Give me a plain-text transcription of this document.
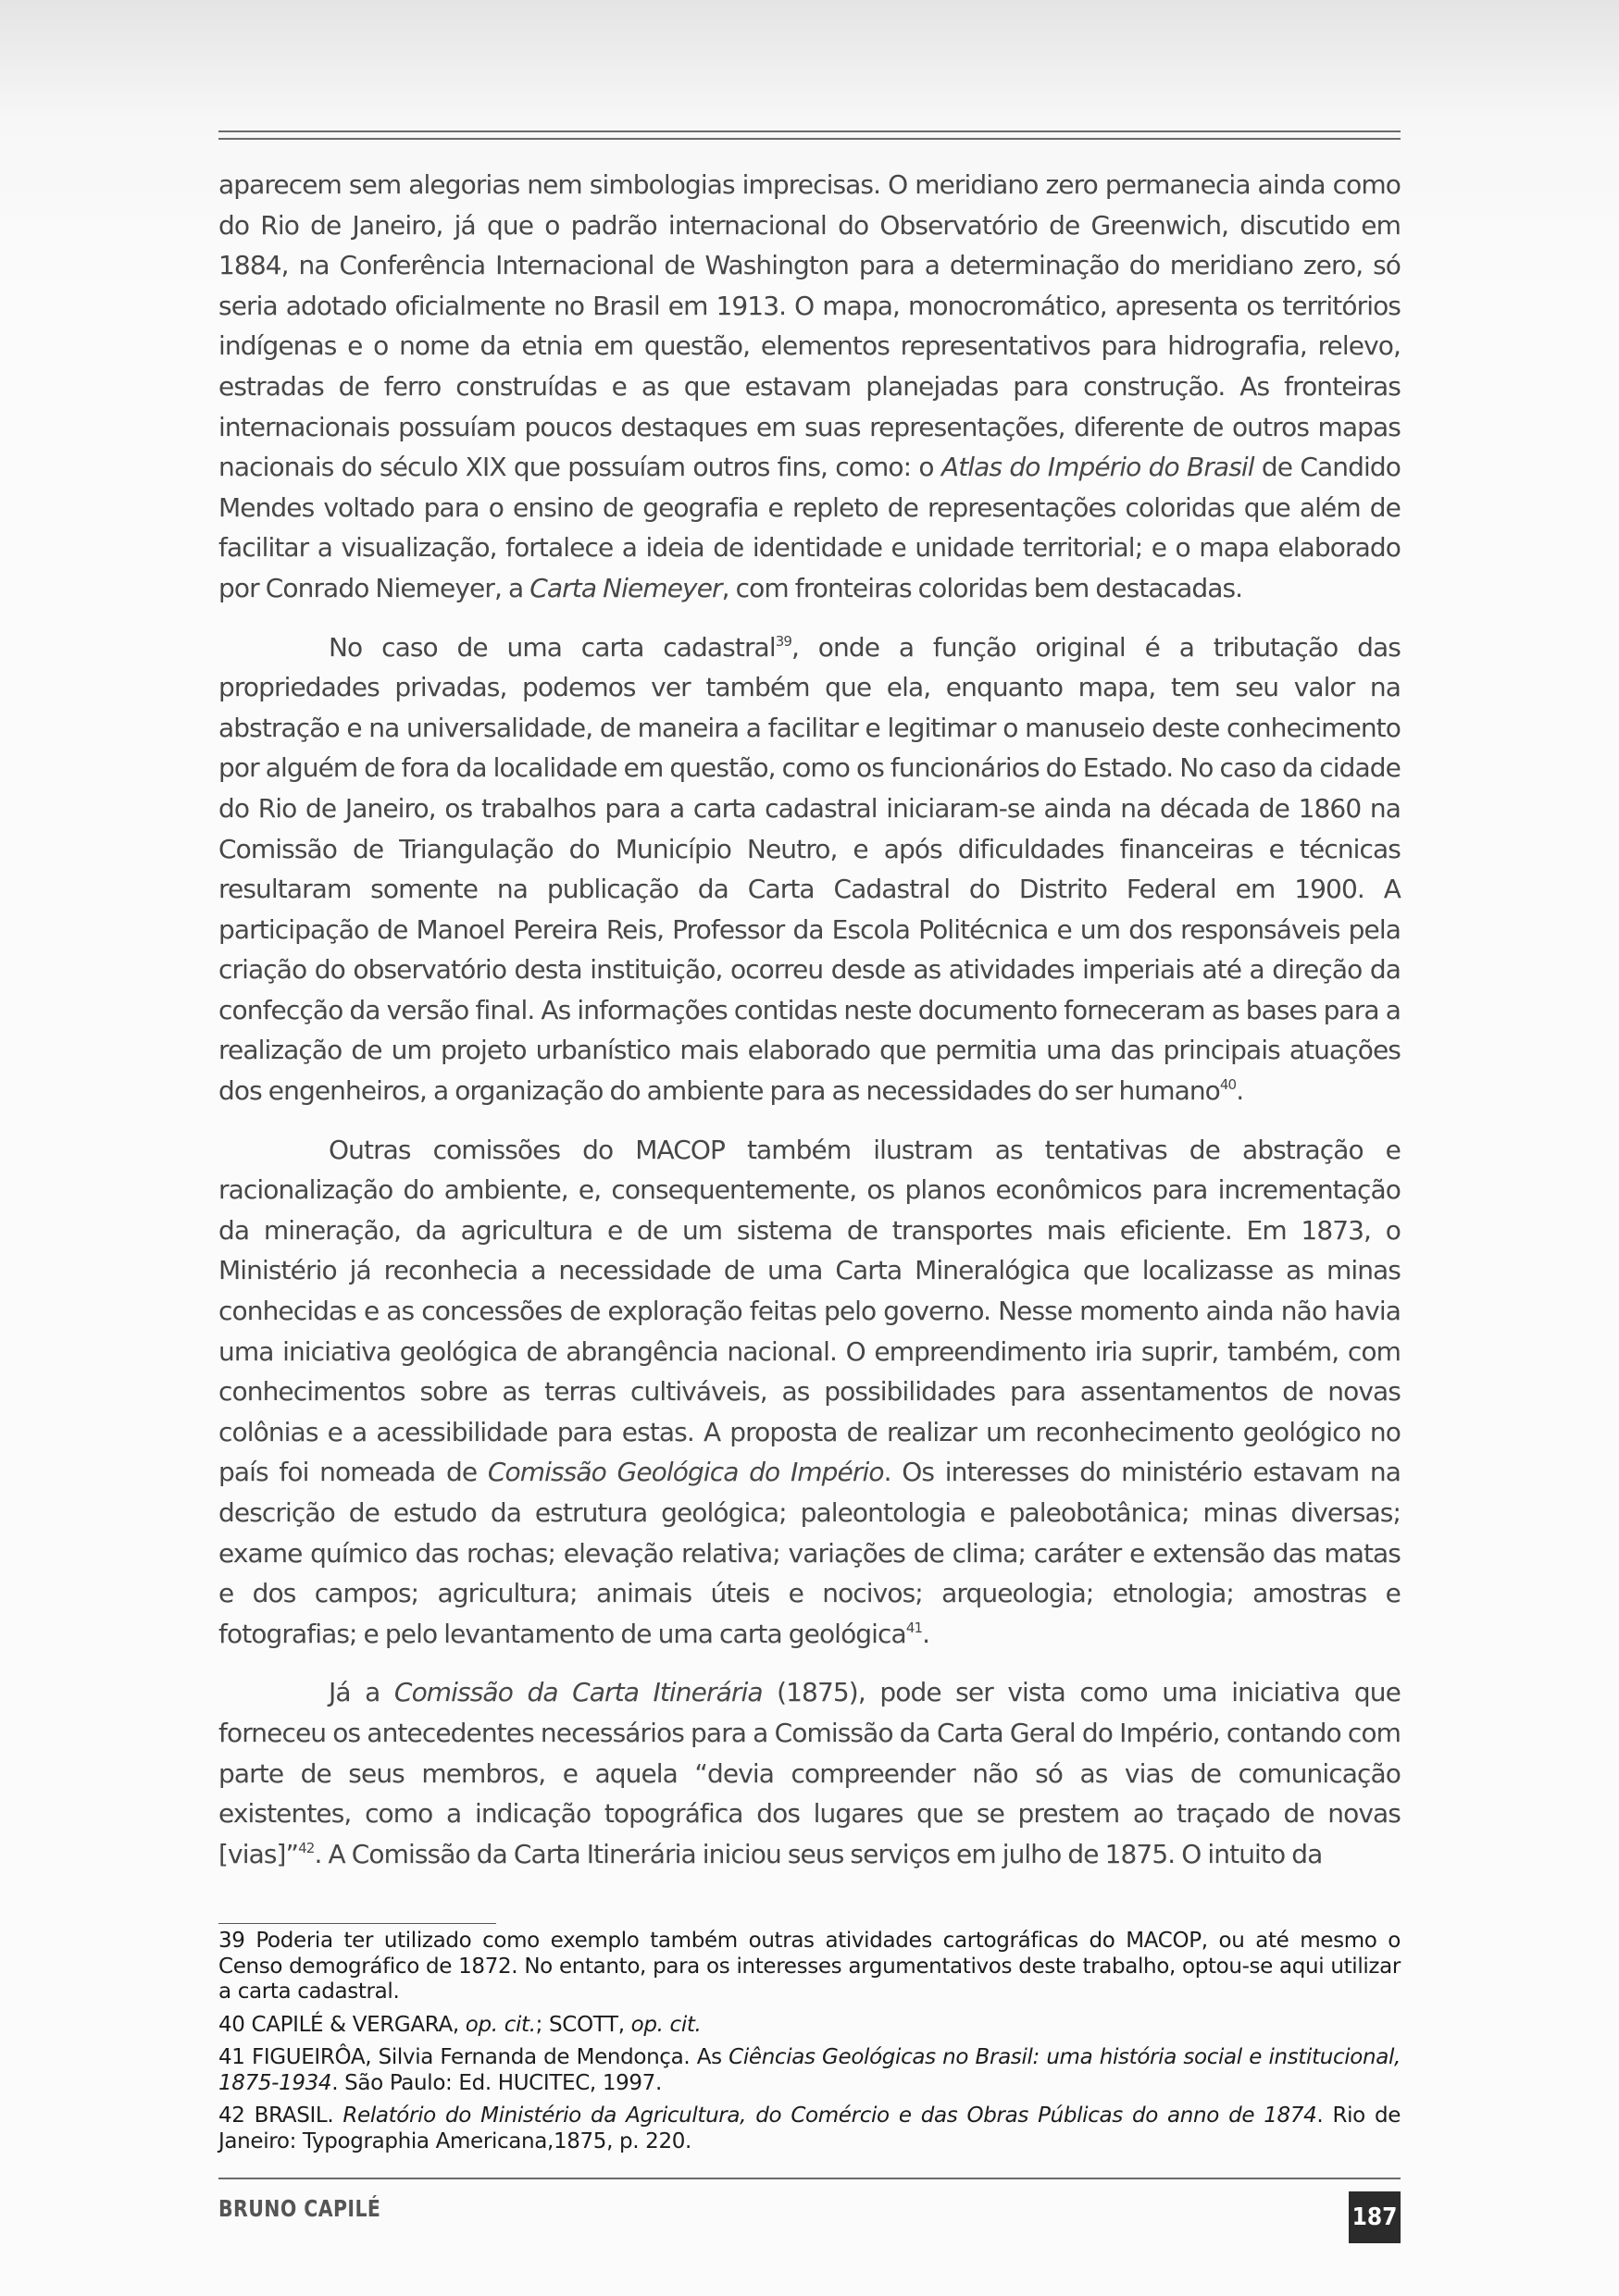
aparecem sem alegorias nem simbologias imprecisas. O meridiano zero permanecia ainda como do Rio de Janeiro, já que o padrão internacional do Observatório de Greenwich, discutido em 1884, na Conferência Internacional de Washington para a determinação do meridiano zero, só seria adotado oficialmente no Brasil em 1913. O mapa, monocromático, apresenta os territórios indígenas e o nome da etnia em questão, elementos representativos para hidrografia, relevo, estradas de ferro construídas e as que estavam planejadas para construção. As fronteiras internacionais possuíam poucos destaques em suas representações, diferente de outros mapas nacionais do século XIX que possuíam outros fins, como: o Atlas do Império do Brasil de Candido Mendes voltado para o ensino de geografia e repleto de representações coloridas que além de facilitar a visualização, fortalece a ideia de identidade e unidade territorial; e o mapa elaborado por Conrado Niemeyer, a Carta Niemeyer, com fronteiras coloridas bem destacadas.

No caso de uma carta cadastral$^{39}$, onde a função original é a tributação das propriedades privadas, podemos ver também que ela, enquanto mapa, tem seu valor na abstração e na universalidade, de maneira a facilitar e legitimar o manuseio deste conhecimento por alguém de fora da localidade em questão, como os funcionários do Estado. No caso da cidade do Rio de Janeiro, os trabalhos para a carta cadastral iniciaram-se ainda na década de 1860 na Comissão de Triangulação do Município Neutro, e após dificuldades financeiras e técnicas resultaram somente na publicação da Carta Cadastral do Distrito Federal em 1900. A participação de Manoel Pereira Reis, Professor da Escola Politécnica e um dos responsáveis pela criação do observatório desta instituição, ocorreu desde as atividades imperiais até a direção da confecção da versão final. As informações contidas neste documento forneceram as bases para a realização de um projeto urbanístico mais elaborado que permitia uma das principais atuações dos engenheiros, a organização do ambiente para as necessidades do ser humano$^{40}$.

Outras comissões do MACOP também ilustram as tentativas de abstração e racionalização do ambiente, e, consequentemente, os planos econômicos para incrementação da mineração, da agricultura e de um sistema de transportes mais eficiente. Em 1873, o Ministério já reconhecia a necessidade de uma Carta Mineralógica que localizasse as minas conhecidas e as concessões de exploração feitas pelo governo. Nesse momento ainda não havia uma iniciativa geológica de abrangência nacional. O empreendimento iria suprir, também, com conhecimentos sobre as terras cultiváveis, as possibilidades para assentamentos de novas colônias e a acessibilidade para estas. A proposta de realizar um reconhecimento geológico no país foi nomeada de Comissão Geológica do Império. Os interesses do ministério estavam na descrição de estudo da estrutura geológica; paleontologia e paleobotânica; minas diversas; exame químico das rochas; elevação relativa; variações de clima; caráter e extensão das matas e dos campos; agricultura; animais úteis e nocivos; arqueologia; etnologia; amostras e fotografias; e pelo levantamento de uma carta geológica$^{41}$.

Já a Comissão da Carta Itinerária (1875), pode ser vista como uma iniciativa que forneceu os antecedentes necessários para a Comissão da Carta Geral do Império, contando com parte de seus membros, e aquela “devia compreender não só as vias de comunicação existentes, como a indicação topográfica dos lugares que se prestem ao traçado de novas [vias]”$^{42}$. A Comissão da Carta Itinerária iniciou seus serviços em julho de 1875. O intuito da

39 Poderia ter utilizado como exemplo também outras atividades cartográficas do MACOP, ou até mesmo o Censo demográfico de 1872. No entanto, para os interesses argumentativos deste trabalho, optou-se aqui utilizar a carta cadastral.

40 CAPILÉ & VERGARA, op. cit.; SCOTT, op. cit.

41 FIGUEIRÔA, Silvia Fernanda de Mendonça. As Ciências Geológicas no Brasil: uma história social e institucional, 1875-1934. São Paulo: Ed. HUCITEC, 1997.

42 BRASIL. Relatório do Ministério da Agricultura, do Comércio e das Obras Públicas do anno de 1874. Rio de Janeiro: Typographia Americana,1875, p. 220.

BRUNO CAPILÉ	187
